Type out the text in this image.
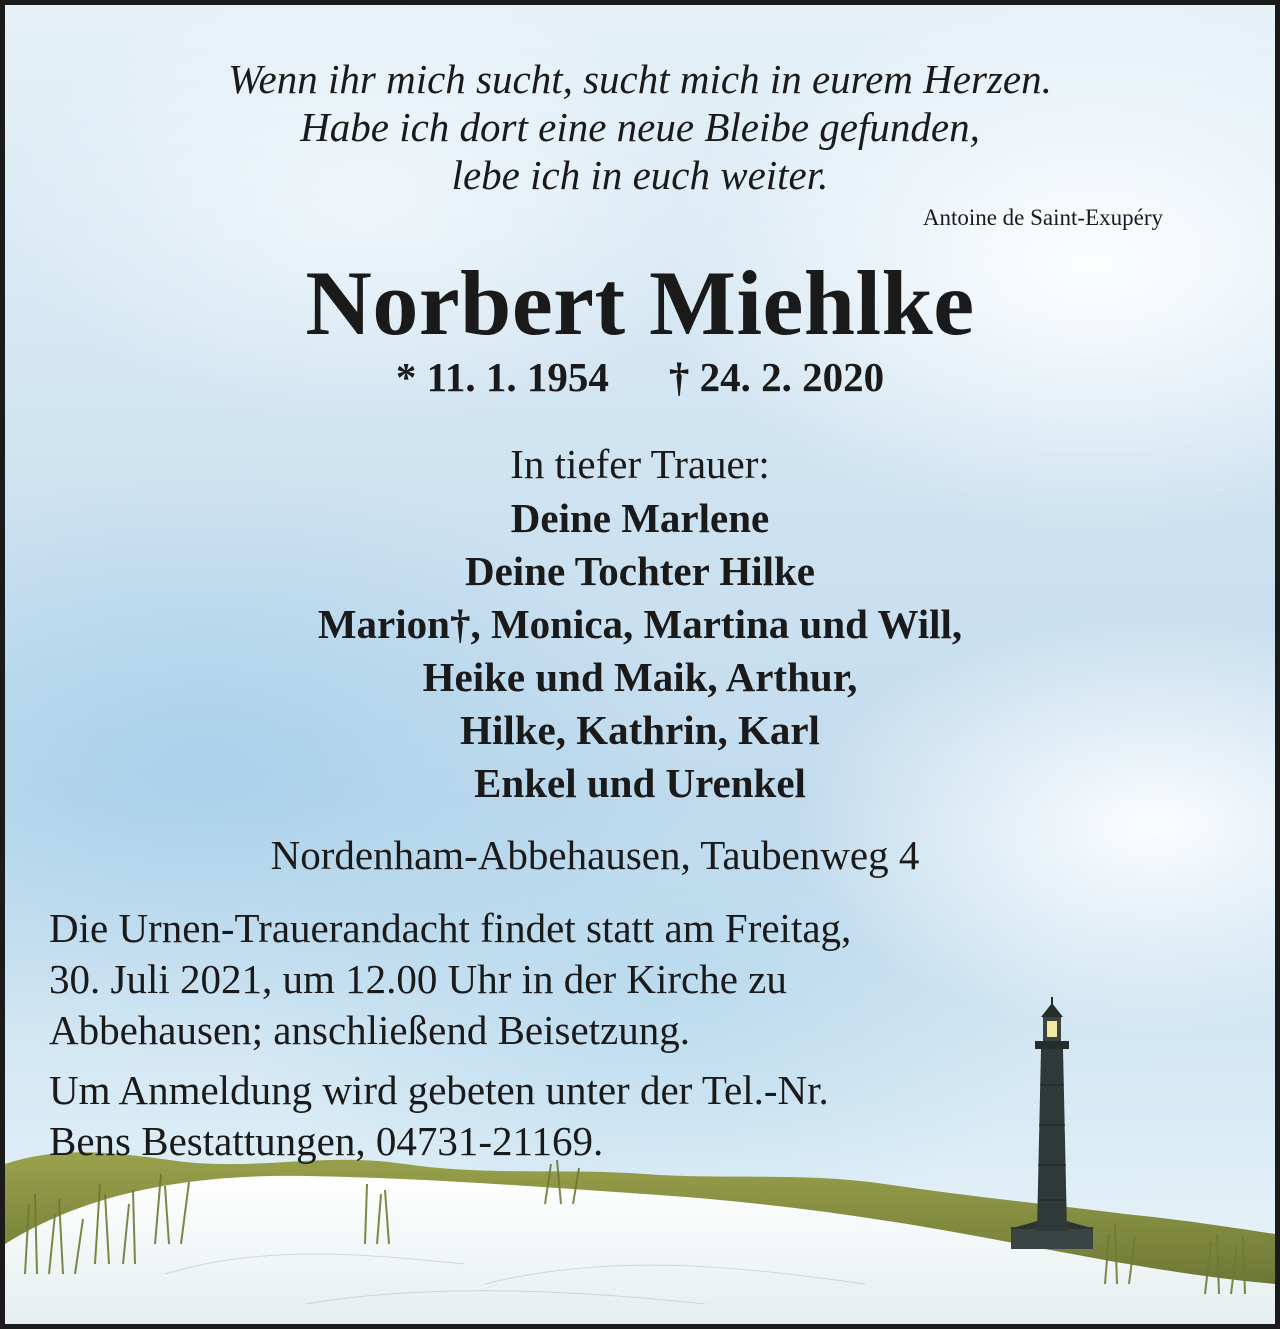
Wenn ihr mich sucht, sucht mich in eurem Herzen.
Habe ich dort eine neue Bleibe gefunden,
lebe ich in euch weiter.
Antoine de Saint-Exupéry
Norbert Miehlke
* 11. 1. 1954 † 24. 2. 2020
In tiefer Trauer:
Deine Marlene
Deine Tochter Hilke
Marion†, Monica, Martina und Will,
Heike und Maik, Arthur,
Hilke, Kathrin, Karl
Enkel und Urenkel
Nordenham-Abbehausen, Taubenweg 4
Die Urnen-Trauerandacht findet statt am Freitag,
30. Juli 2021, um 12.00 Uhr in der Kirche zu
Abbehausen; anschließend Beisetzung.
Um Anmeldung wird gebeten unter der Tel.-Nr.
Bens Bestattungen, 04731-21169.
